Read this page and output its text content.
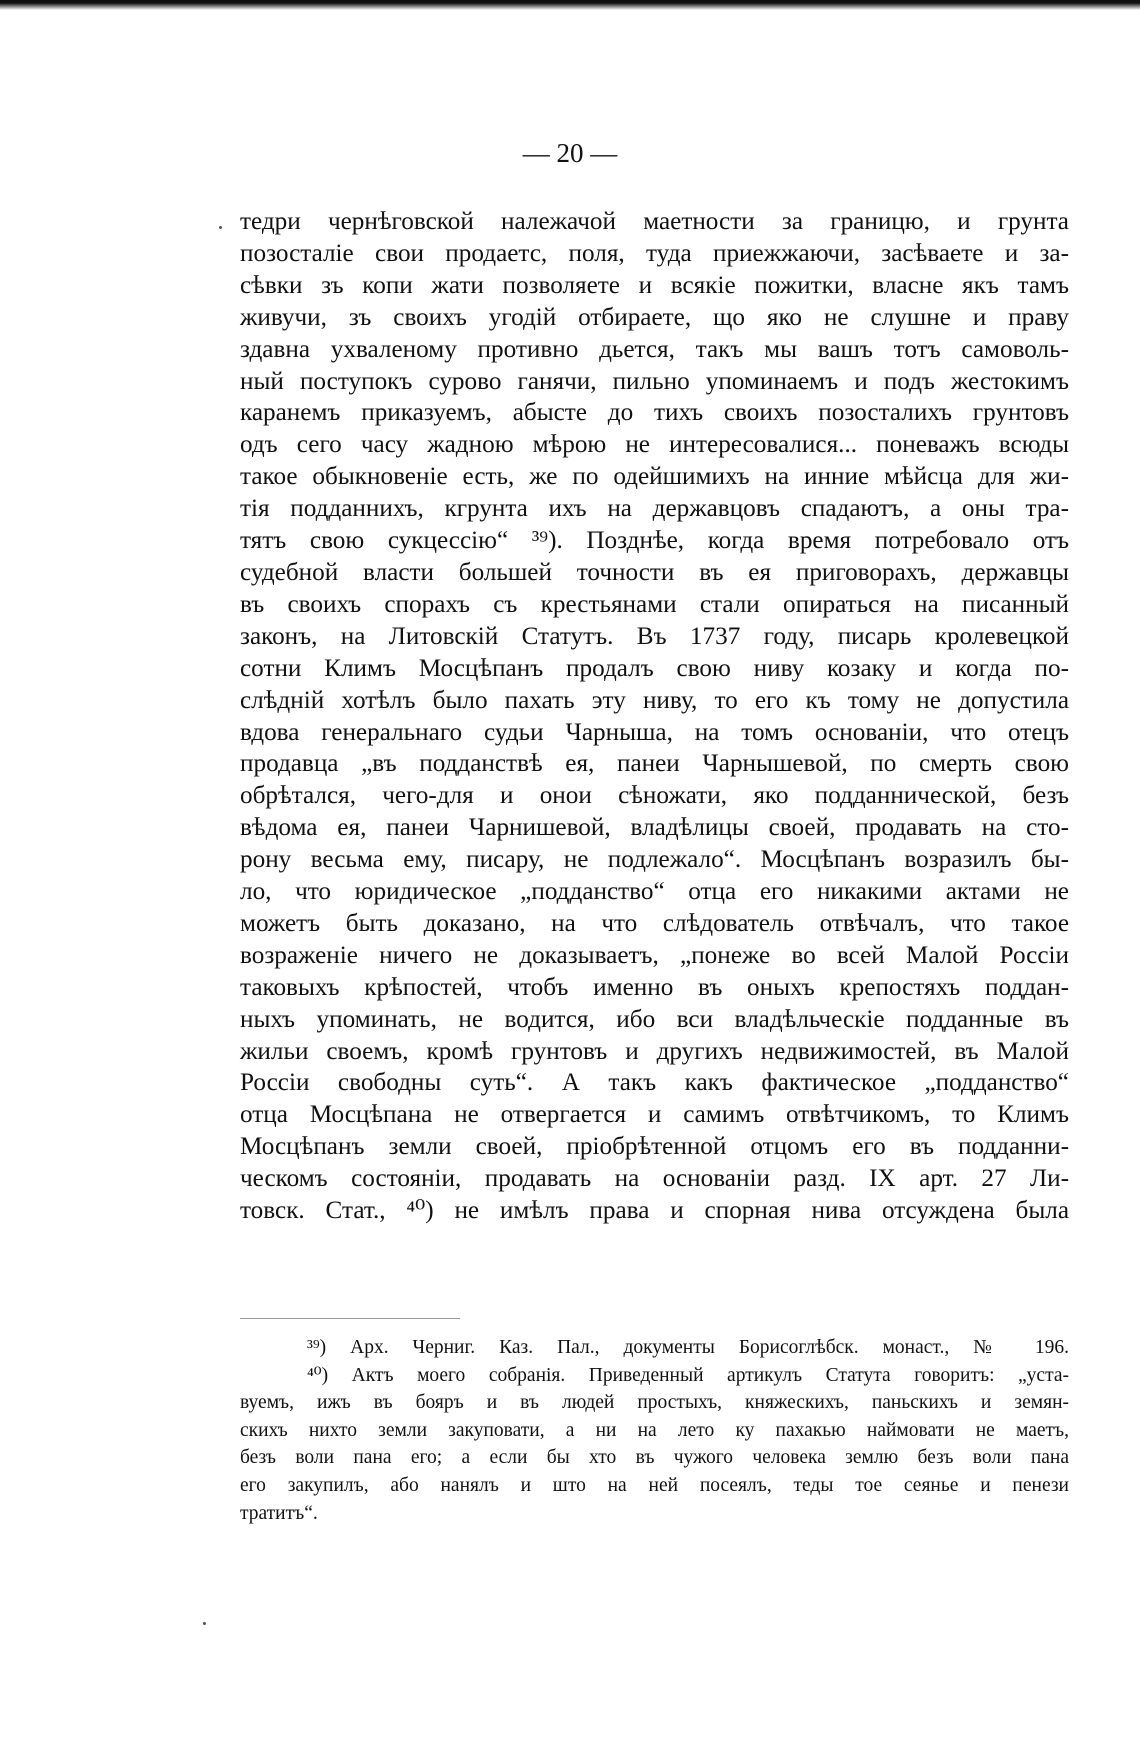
— 20 —
тедри чернѣговской належачой маетности за границю, и грунта
позосталіе свои продаетс, поля, туда приежжаючи, засѣваете и за-
сѣвки зъ копи жати позволяете и всякіе пожитки, власне якъ тамъ
живучи, зъ своихъ угодій отбираете, що яко не слушне и праву
здавна ухваленому противно дьется, такъ мы вашъ тотъ самоволь-
ный поступокъ сурово ганячи, пильно упоминаемъ и подъ жестокимъ
каранемъ приказуемъ, абысте до тихъ своихъ позосталихъ грунтовъ
одъ сего часу жадною мѣрою не интересовалися... поневажъ всюды
такое обыкновеніе есть, же по одейшимихъ на инние мѣйсца для жи-
тія подданнихъ, кгрунта ихъ на державцовъ спадаютъ, а оны тра-
тятъ свою сукцессію“ ³⁹). Позднѣе, когда время потребовало отъ
судебной власти большей точности въ ея приговорахъ, державцы
въ своихъ спорахъ съ крестьянами стали опираться на писанный
законъ, на Литовскій Статутъ. Въ 1737 году, писарь кролевецкой
сотни Климъ Мосцѣпанъ продалъ свою ниву козаку и когда по-
слѣдній хотѣлъ было пахать эту ниву, то его къ тому не допустила
вдова генеральнаго судьи Чарныша, на томъ основаніи, что отецъ
продавца „въ подданствѣ ея, панеи Чарнышевой, по смерть свою
обрѣтался, чего-для и онои сѣножати, яко подданнической, безъ
вѣдома ея, панеи Чарнишевой, владѣлицы своей, продавать на сто-
рону весьма ему, писару, не подлежало“. Мосцѣпанъ возразилъ бы-
ло, что юридическое „подданство“ отца его никакими актами не
можетъ быть доказано, на что слѣдователь отвѣчалъ, что такое
возраженіе ничего не доказываетъ, „понеже во всей Малой Россіи
таковыхъ крѣпостей, чтобъ именно въ оныхъ крепостяхъ поддан-
ныхъ упоминать, не водится, ибо вси владѣльческіе подданные въ
жильи своемъ, кромѣ грунтовъ и другихъ недвижимостей, въ Малой
Россіи свободны суть“. А такъ какъ фактическое „подданство“
отца Мосцѣпана не отвергается и самимъ отвѣтчикомъ, то Климъ
Мосцѣпанъ земли своей, пріобрѣтенной отцомъ его въ подданни-
ческомъ состояніи, продавать на основаніи разд. IX арт. 27 Ли-
товск. Стат., ⁴⁰) не имѣлъ права и спорная нива отсуждена была
³⁹) Арх. Черниг. Каз. Пал., документы Борисоглѣбск. монаст., № 196.
⁴⁰) Актъ моего собранія. Приведенный артикулъ Статута говоритъ: „уста-
вуемъ, ижъ въ бояръ и въ людей простыхъ, княжескихъ, паньскихъ и земян-
скихъ нихто земли закуповати, а ни на лето ку пахакью наймовати не маетъ,
безъ воли пана его; а если бы хто въ чужого человека землю безъ воли пана
его закупилъ, або нанялъ и што на ней посеялъ, теды тое сеянье и пенези
тратитъ“.
